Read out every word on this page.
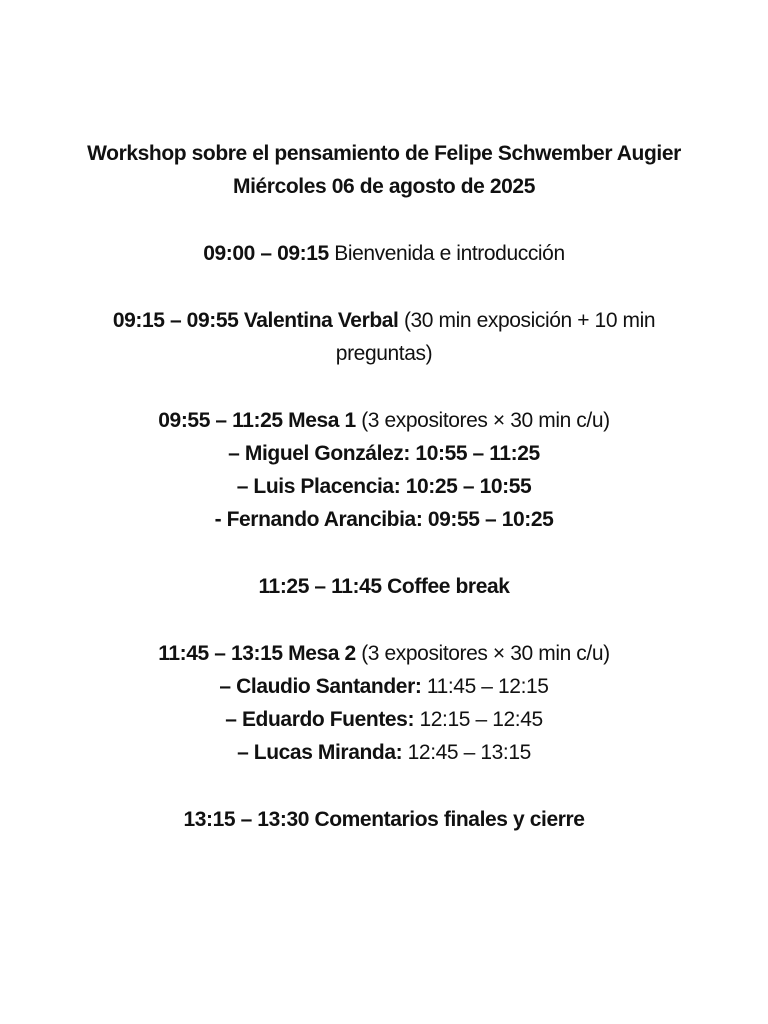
Workshop sobre el pensamiento de Felipe Schwember Augier
Miércoles 06 de agosto de 2025
09:00 – 09:15 Bienvenida e introducción
09:15 – 09:55 Valentina Verbal (30 min exposición + 10 min preguntas)
09:55 – 11:25 Mesa 1 (3 expositores × 30 min c/u)
– Miguel González: 10:55 – 11:25
– Luis Placencia: 10:25 – 10:55
- Fernando Arancibia: 09:55 – 10:25
11:25 – 11:45 Coffee break
11:45 – 13:15 Mesa 2 (3 expositores × 30 min c/u)
– Claudio Santander: 11:45 – 12:15
– Eduardo Fuentes: 12:15 – 12:45
– Lucas Miranda: 12:45 – 13:15
13:15 – 13:30 Comentarios finales y cierre
